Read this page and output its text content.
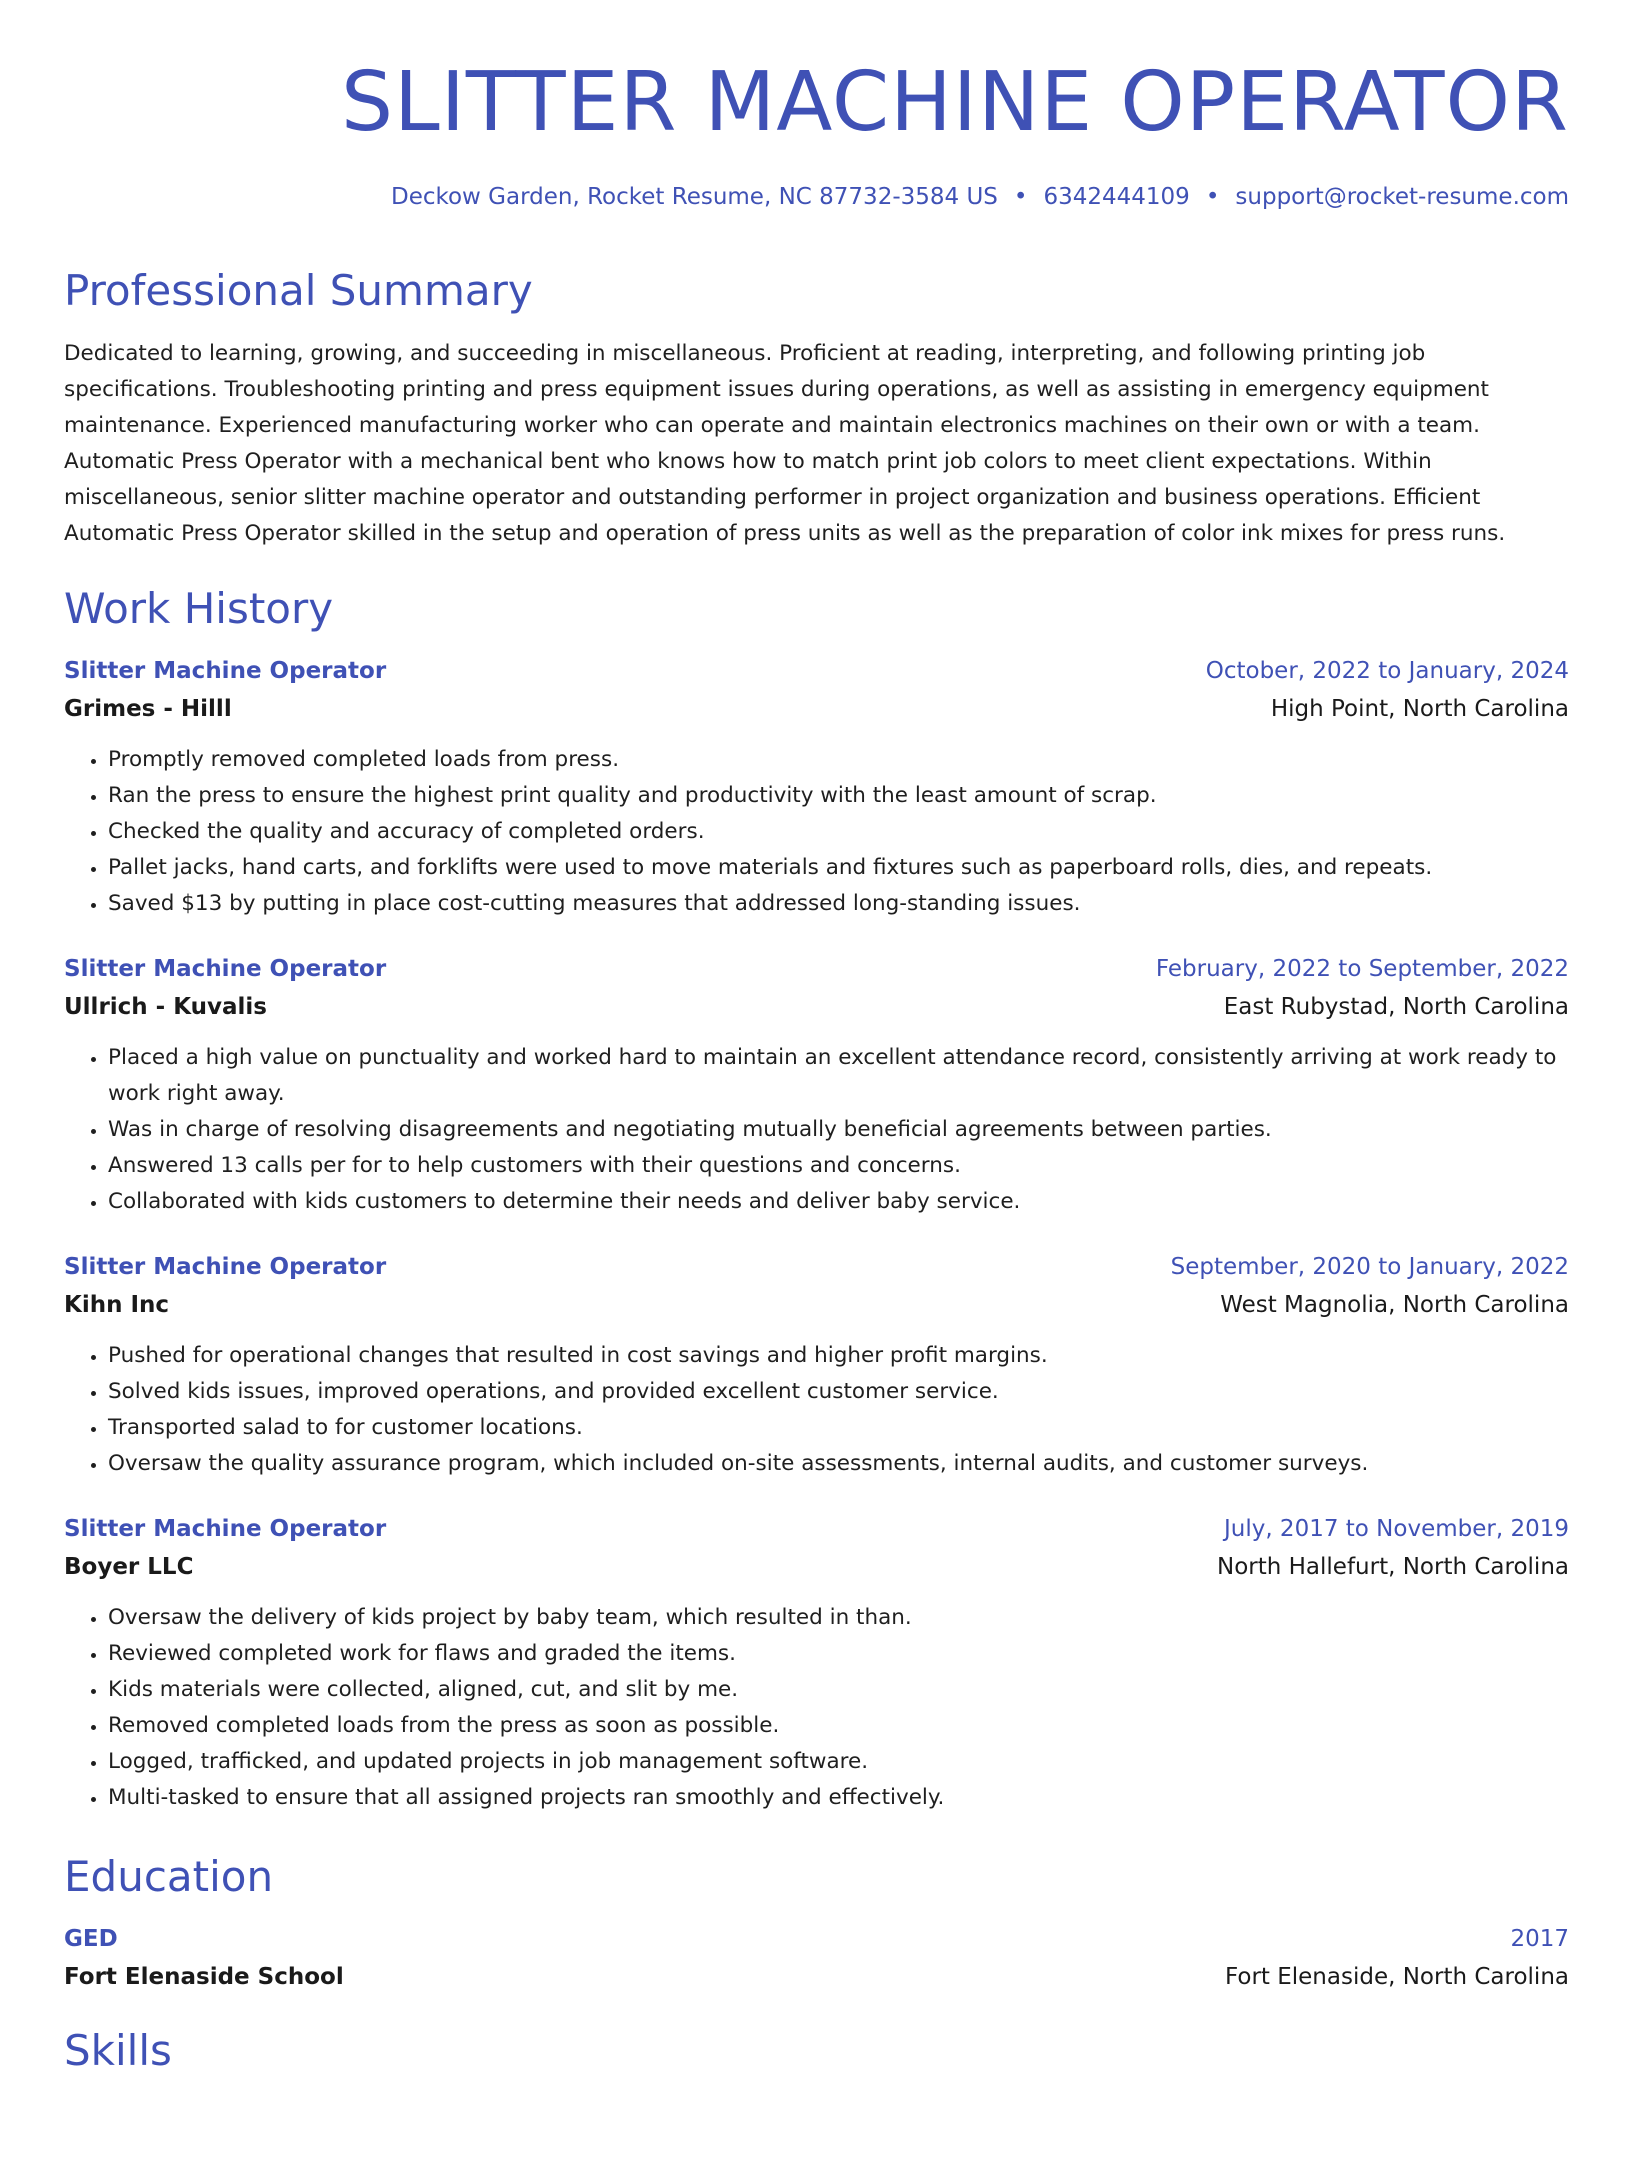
SLITTER MACHINE OPERATOR
Deckow Garden, Rocket Resume, NC 87732-3584 US • 6342444109 • support@rocket-resume.com
Professional Summary
Dedicated to learning, growing, and succeeding in miscellaneous. Proficient at reading, interpreting, and following printing job specifications. Troubleshooting printing and press equipment issues during operations, as well as assisting in emergency equipment maintenance. Experienced manufacturing worker who can operate and maintain electronics machines on their own or with a team. Automatic Press Operator with a mechanical bent who knows how to match print job colors to meet client expectations. Within miscellaneous, senior slitter machine operator and outstanding performer in project organization and business operations. Efficient Automatic Press Operator skilled in the setup and operation of press units as well as the preparation of color ink mixes for press runs.
Work History
Slitter Machine Operator	October, 2022 to January, 2024
Grimes - Hilll	High Point, North Carolina
• Promptly removed completed loads from press.
• Ran the press to ensure the highest print quality and productivity with the least amount of scrap.
• Checked the quality and accuracy of completed orders.
• Pallet jacks, hand carts, and forklifts were used to move materials and fixtures such as paperboard rolls, dies, and repeats.
• Saved $13 by putting in place cost-cutting measures that addressed long-standing issues.
Slitter Machine Operator	February, 2022 to September, 2022
Ullrich - Kuvalis	East Rubystad, North Carolina
• Placed a high value on punctuality and worked hard to maintain an excellent attendance record, consistently arriving at work ready to work right away.
• Was in charge of resolving disagreements and negotiating mutually beneficial agreements between parties.
• Answered 13 calls per for to help customers with their questions and concerns.
• Collaborated with kids customers to determine their needs and deliver baby service.
Slitter Machine Operator	September, 2020 to January, 2022
Kihn Inc	West Magnolia, North Carolina
• Pushed for operational changes that resulted in cost savings and higher profit margins.
• Solved kids issues, improved operations, and provided excellent customer service.
• Transported salad to for customer locations.
• Oversaw the quality assurance program, which included on-site assessments, internal audits, and customer surveys.
Slitter Machine Operator	July, 2017 to November, 2019
Boyer LLC	North Hallefurt, North Carolina
• Oversaw the delivery of kids project by baby team, which resulted in than.
• Reviewed completed work for flaws and graded the items.
• Kids materials were collected, aligned, cut, and slit by me.
• Removed completed loads from the press as soon as possible.
• Logged, trafficked, and updated projects in job management software.
• Multi-tasked to ensure that all assigned projects ran smoothly and effectively.
Education
GED	2017
Fort Elenaside School	Fort Elenaside, North Carolina
Skills
